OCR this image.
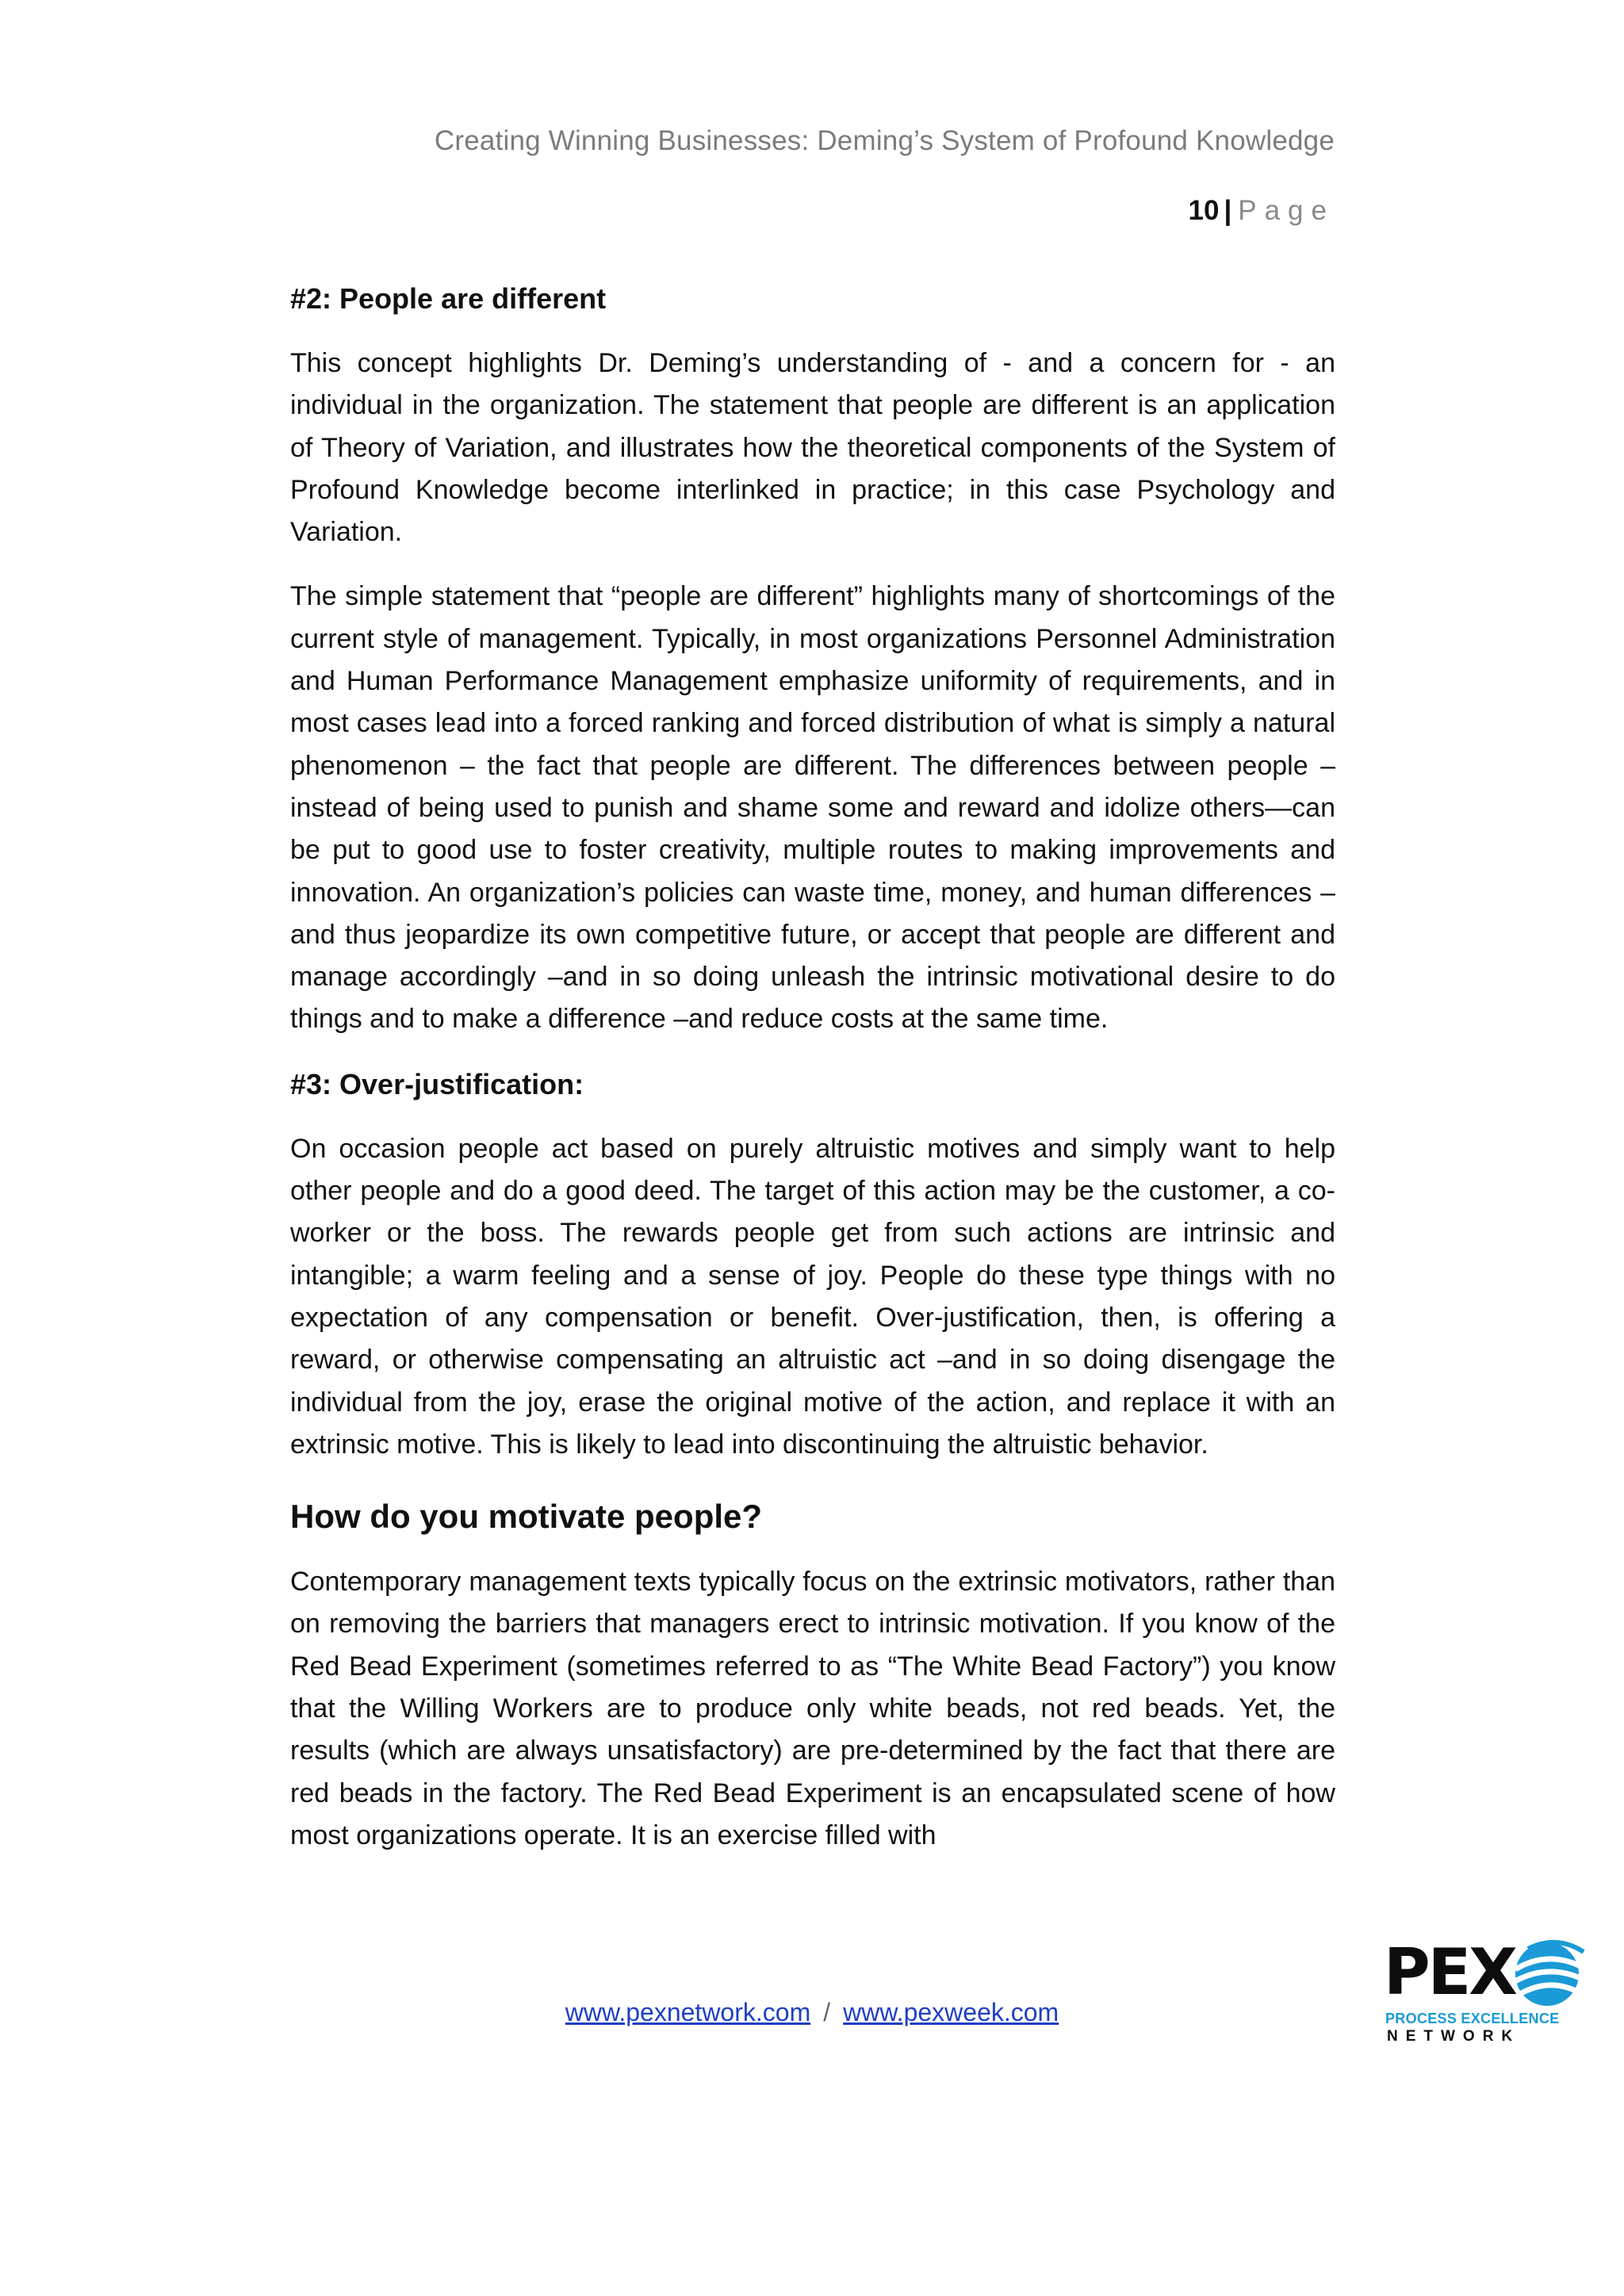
Creating Winning Businesses: Deming’s System of Profound Knowledge
10 | Page
#2: People are different

This concept highlights Dr. Deming’s understanding of - and a concern for - an individual in the organization. The statement that people are different is an application of Theory of Variation, and illustrates how the theoretical components of the System of Profound Knowledge become interlinked in practice; in this case Psychology and Variation.

The simple statement that “people are different” highlights many of shortcomings of the current style of management. Typically, in most organizations Personnel Administration and Human Performance Management emphasize uniformity of requirements, and in most cases lead into a forced ranking and forced distribution of what is simply a natural phenomenon – the fact that people are different. The differences between people –instead of being used to punish and shame some and reward and idolize others—can be put to good use to foster creativity, multiple routes to making improvements and innovation. An organization’s policies can waste time, money, and human differences –and thus jeopardize its own competitive future, or accept that people are different and manage accordingly –and in so doing unleash the intrinsic motivational desire to do things and to make a difference –and reduce costs at the same time.

#3: Over-justification:

On occasion people act based on purely altruistic motives and simply want to help other people and do a good deed. The target of this action may be the customer, a co-worker or the boss. The rewards people get from such actions are intrinsic and intangible; a warm feeling and a sense of joy. People do these type things with no expectation of any compensation or benefit. Over-justification, then, is offering a reward, or otherwise compensating an altruistic act –and in so doing disengage the individual from the joy, erase the original motive of the action, and replace it with an extrinsic motive. This is likely to lead into discontinuing the altruistic behavior.

How do you motivate people?

Contemporary management texts typically focus on the extrinsic motivators, rather than on removing the barriers that managers erect to intrinsic motivation. If you know of the Red Bead Experiment (sometimes referred to as “The White Bead Factory”) you know that the Willing Workers are to produce only white beads, not red beads. Yet, the results (which are always unsatisfactory) are pre-determined by the fact that there are red beads in the factory. The Red Bead Experiment is an encapsulated scene of how most organizations operate. It is an exercise filled with

www.pexnetwork.com / www.pexweek.com
PEX
PROCESS EXCELLENCE
NETWORK
